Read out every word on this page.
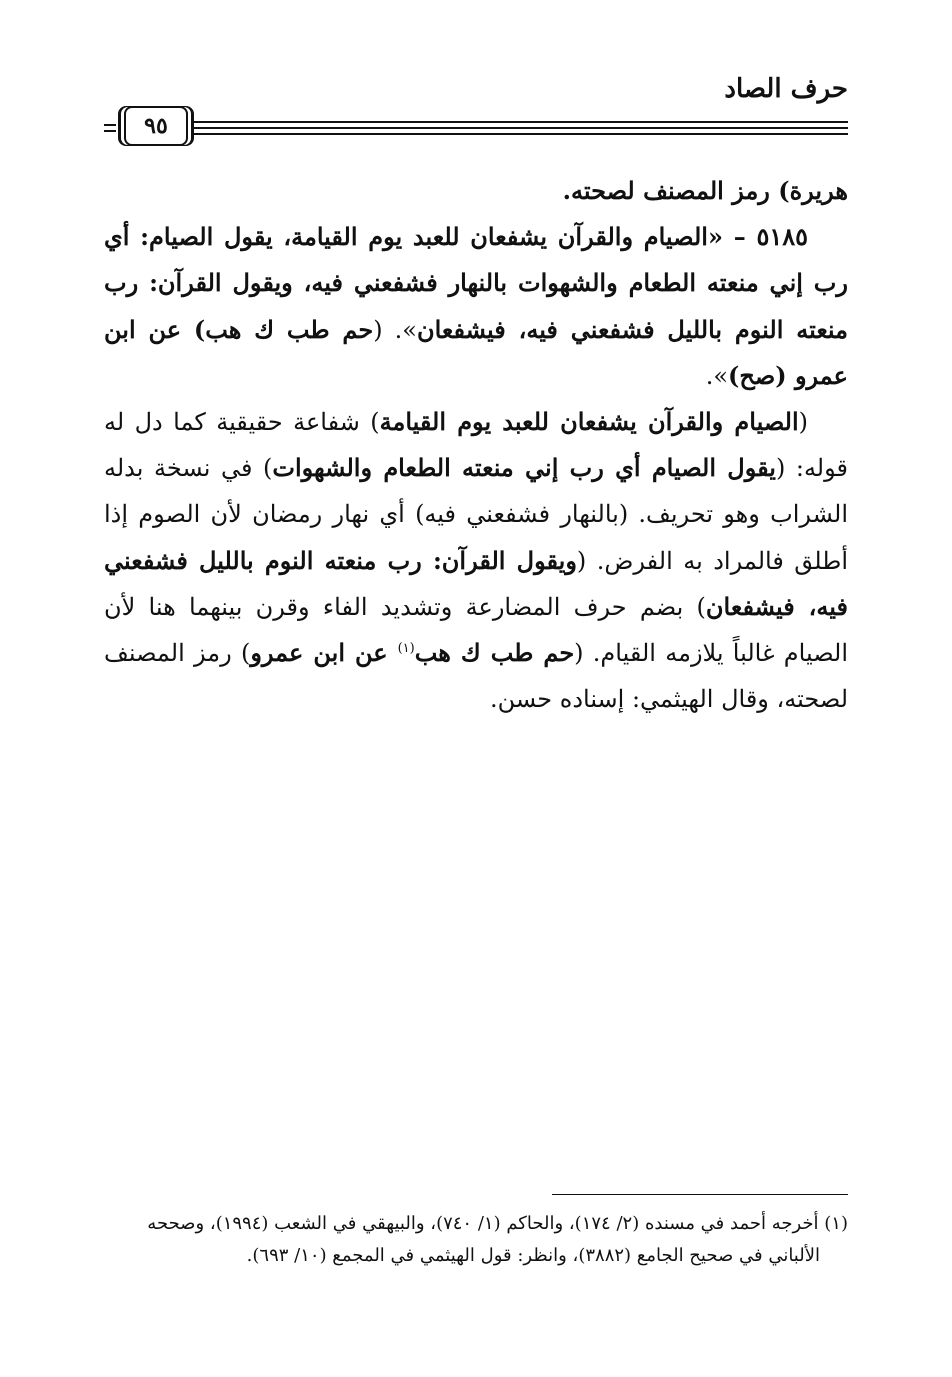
حرف الصاد
٩٥

هريرة) رمز المصنف لصحته.

٥١٨٥ – «الصيام والقرآن يشفعان للعبد يوم القيامة، يقول الصيام: أي رب إني منعته الطعام والشهوات بالنهار فشفعني فيه، ويقول القرآن: رب منعته النوم بالليل فشفعني فيه، فيشفعان». (حم طب ك هب) عن ابن عمرو (صح)».

(الصيام والقرآن يشفعان للعبد يوم القيامة) شفاعة حقيقية كما دل له قوله: (يقول الصيام أي رب إني منعته الطعام والشهوات) في نسخة بدله الشراب وهو تحريف. (بالنهار فشفعني فيه) أي نهار رمضان لأن الصوم إذا أطلق فالمراد به الفرض. (ويقول القرآن: رب منعته النوم بالليل فشفعني فيه، فيشفعان) بضم حرف المضارعة وتشديد الفاء وقرن بينهما هنا لأن الصيام غالباً يلازمه القيام. (حم طب ك هب$^{(١)}$ عن ابن عمرو) رمز المصنف لصحته، وقال الهيثمي: إسناده حسن.

(١) أخرجه أحمد في مسنده (٢/ ١٧٤)، والحاكم (١/ ٧٤٠)، والبيهقي في الشعب (١٩٩٤)، وصححه

الألباني في صحيح الجامع (٣٨٨٢)، وانظر: قول الهيثمي في المجمع (١٠/ ٦٩٣).
